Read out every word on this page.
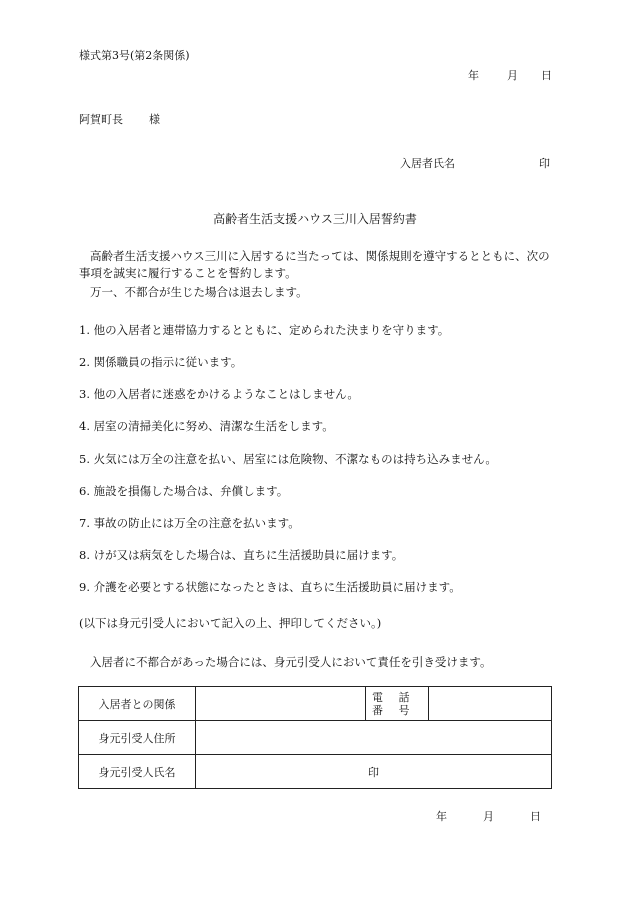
様式第3号(第2条関係)
年	月 日
阿賀町長 様
入居者氏名	印
高齢者生活支援ハウス三川入居誓約書
高齢者生活支援ハウス三川に入居するに当たっては、関係規則を遵守するとともに、次の事項を誠実に履行することを誓約します。
万一、不都合が生じた場合は退去します。
1. 他の入居者と連帯協力するとともに、定められた決まりを守ります。
2. 関係職員の指示に従います。
3. 他の入居者に迷惑をかけるようなことはしません。
4. 居室の清掃美化に努め、清潔な生活をします。
5. 火気には万全の注意を払い、居室には危険物、不潔なものは持ち込みません。
6. 施設を損傷した場合は、弁償します。
7. 事故の防止には万全の注意を払います。
8. けが又は病気をした場合は、直ちに生活援助員に届けます。
9. 介護を必要とする状態になったときは、直ちに生活援助員に届けます。
(以下は身元引受人において記入の上、押印してください。)
入居者に不都合があった場合には、身元引受人において責任を引き受けます。
入居者との関係		電 話 番 号	
身元引受人住所			
身元引受人氏名	印		
年	月	日
